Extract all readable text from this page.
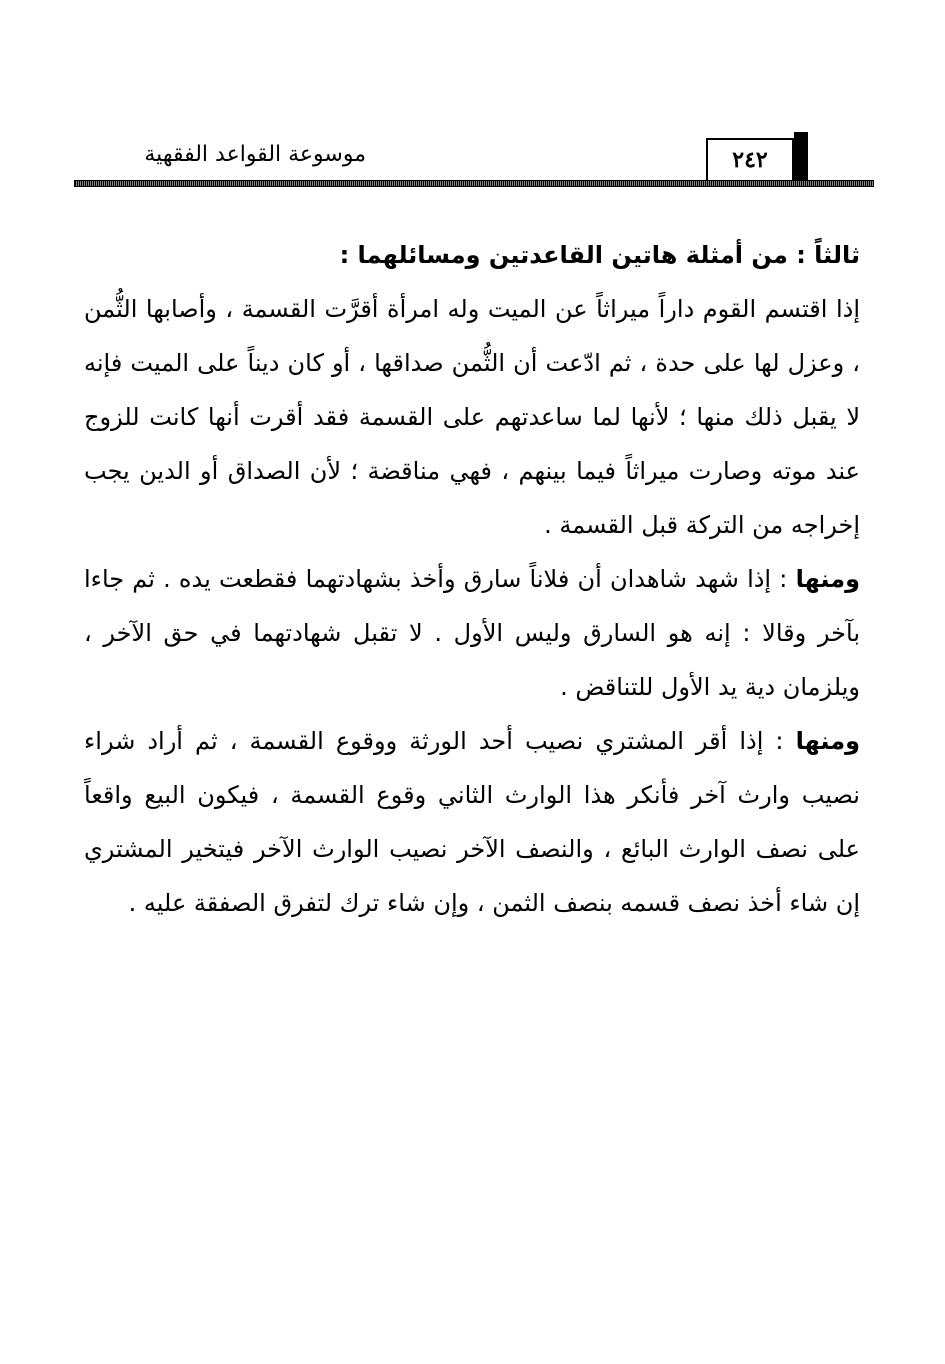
٢٤٢
موسوعة القواعد الفقهية

ثالثاً : من أمثلة هاتين القاعدتين ومسائلهما :

إذا اقتسم القوم داراً ميراثاً عن الميت وله امرأة أقرَّت القسمة ، وأصابها الثُّمن ، وعزل لها على حدة ، ثم ادّعت أن الثُّمن صداقها ، أو كان ديناً على الميت فإنه لا يقبل ذلك منها ؛ لأنها لما ساعدتهم على القسمة فقد أقرت أنها كانت للزوج عند موته وصارت ميراثاً فيما بينهم ، فهي مناقضة ؛ لأن الصداق أو الدين يجب إخراجه من التركة قبل القسمة .

ومنها : إذا شهد شاهدان أن فلاناً سارق وأخذ بشهادتهما فقطعت يده . ثم جاءا بآخر وقالا : إنه هو السارق وليس الأول . لا تقبل شهادتهما في حق الآخر ، ويلزمان دية يد الأول للتناقض .

ومنها : إذا أقر المشتري نصيب أحد الورثة ووقوع القسمة ، ثم أراد شراء نصيب وارث آخر فأنكر هذا الوارث الثاني وقوع القسمة ، فيكون البيع واقعاً على نصف الوارث البائع ، والنصف الآخر نصيب الوارث الآخر فيتخير المشتري إن شاء أخذ نصف قسمه بنصف الثمن ، وإن شاء ترك لتفرق الصفقة عليه .
